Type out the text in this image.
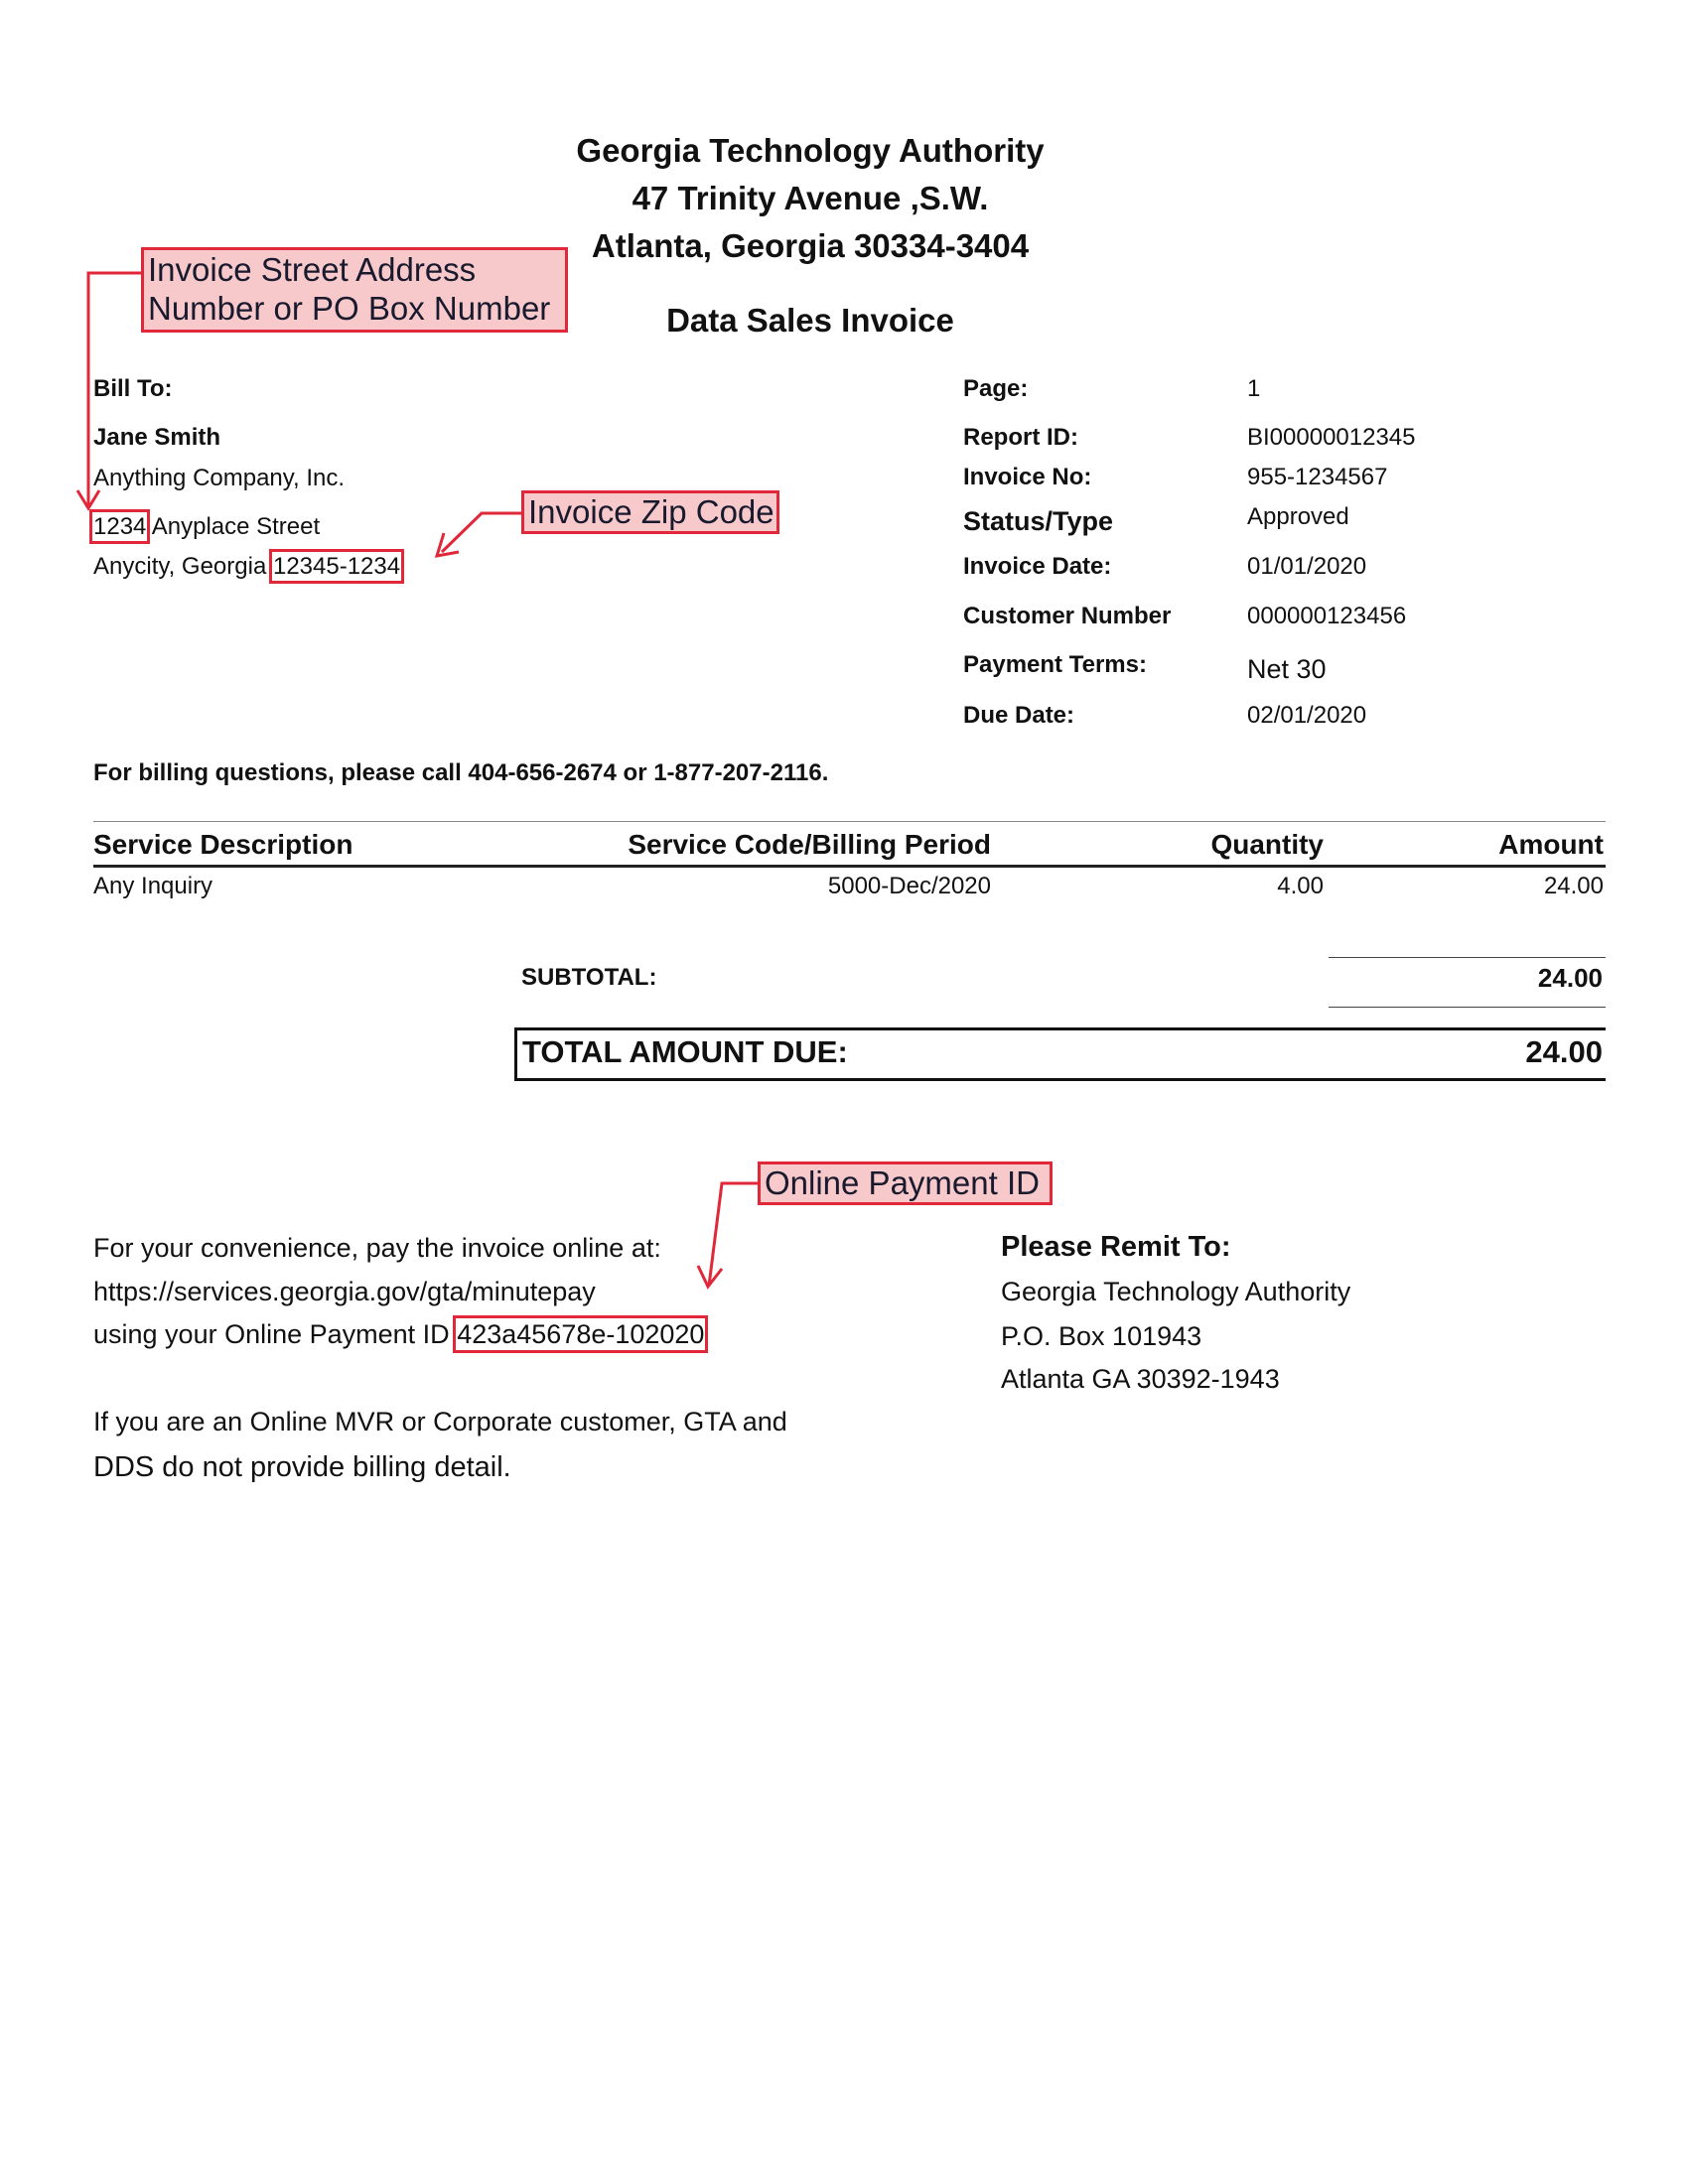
Georgia Technology Authority
47 Trinity Avenue ,S.W.
Atlanta, Georgia 30334-3404
Data Sales Invoice
Invoice Street Address
Number or PO Box Number
Bill To:
Jane Smith
Anything Company, Inc.
1234 Anyplace Street
Anycity, Georgia 12345-1234
Invoice Zip Code
Page:	1
Report ID:	BI00000012345
Invoice No:	955-1234567
Status/Type	Approved
Invoice Date:	01/01/2020
Customer Number	000000123456
Payment Terms:	Net 30
Due Date:	02/01/2020
For billing questions, please call 404-656-2674 or 1-877-207-2116.
Service Description	Service Code/Billing Period	Quantity	Amount
Any Inquiry	5000-Dec/2020	4.00	24.00
SUBTOTAL:	24.00
TOTAL AMOUNT DUE:	24.00
Online Payment ID
For your convenience, pay the invoice online at:
https://services.georgia.gov/gta/minutepay
using your Online Payment ID 423a45678e-102020
If you are an Online MVR or Corporate customer, GTA and
DDS do not provide billing detail.
Please Remit To:
Georgia Technology Authority
P.O. Box 101943
Atlanta GA 30392-1943
